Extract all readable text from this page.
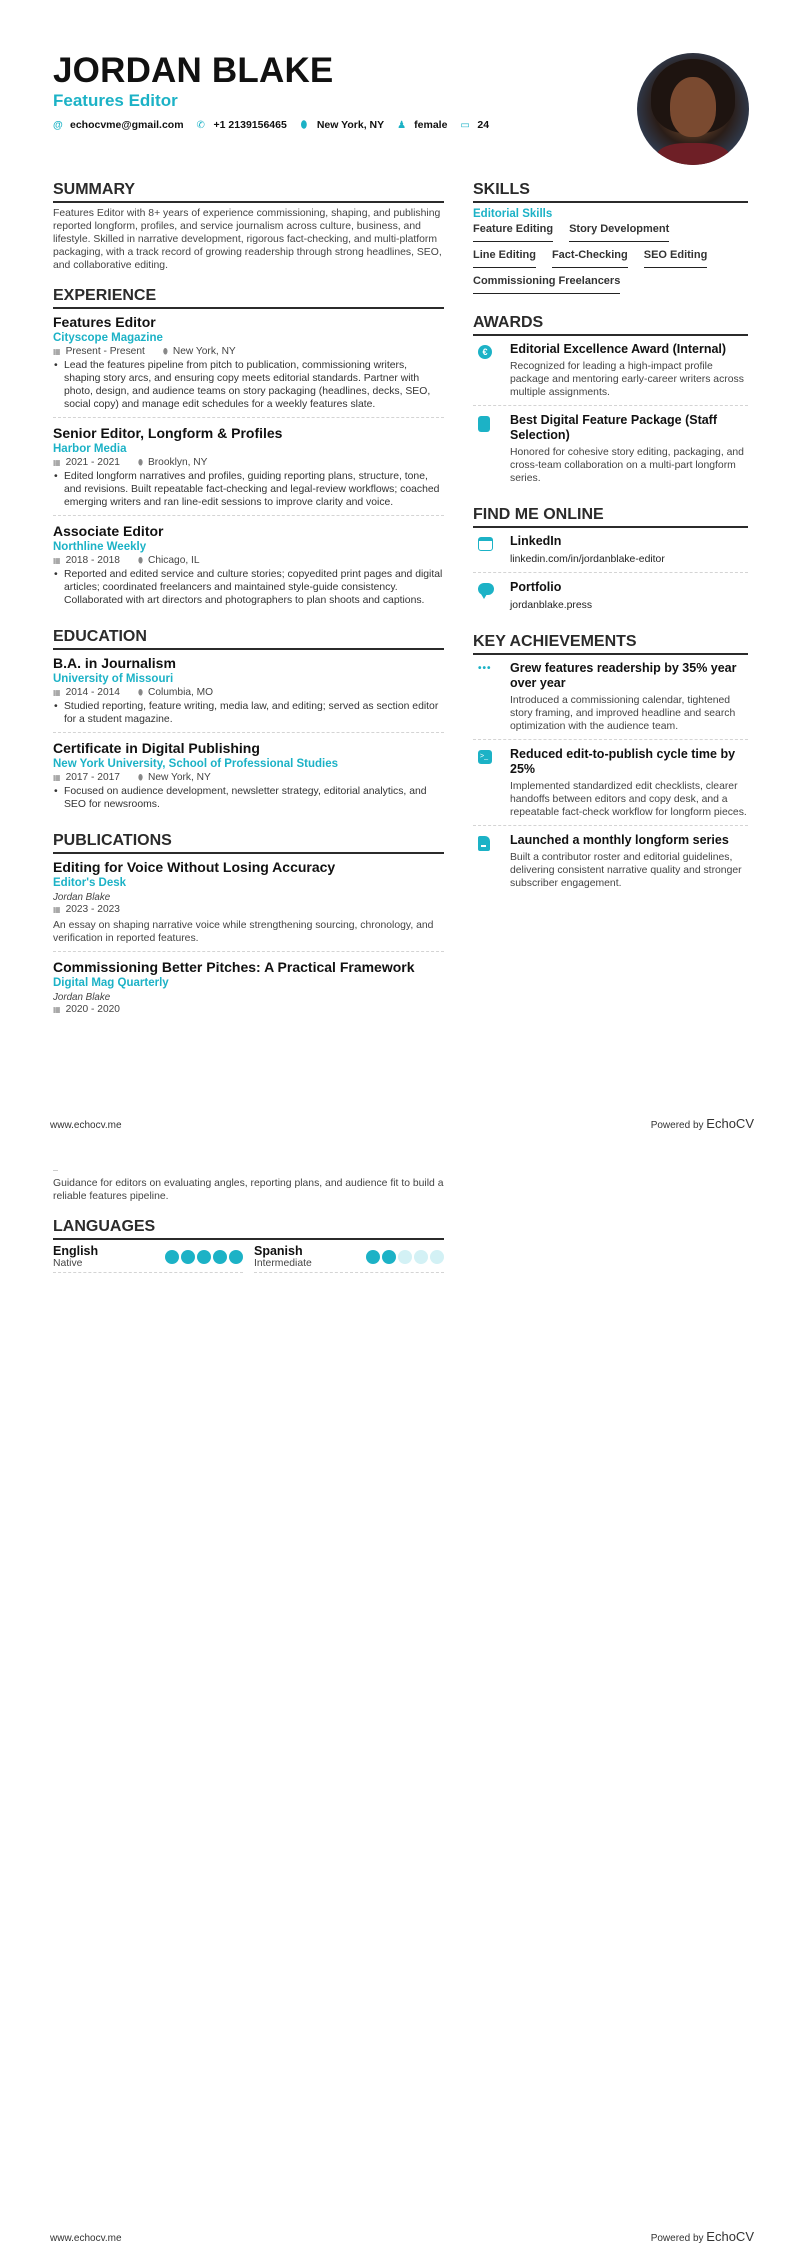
JORDAN BLAKE
Features Editor
@ echocvme@gmail.com ✆ +1 2139156465 ⬮ New York, NY ♟ female ▭ 24
SUMMARY
Features Editor with 8+ years of experience commissioning, shaping, and publishing reported longform, profiles, and service journalism across culture, business, and lifestyle. Skilled in narrative development, rigorous fact-checking, and multi-platform packaging, with a track record of growing readership through strong headlines, SEO, and collaborative editing.
EXPERIENCE
Features Editor
Cityscope Magazine
▦ Present - Present ⬮ New York, NY
• Lead the features pipeline from pitch to publication, commissioning writers, shaping story arcs, and ensuring copy meets editorial standards. Partner with photo, design, and audience teams on story packaging (headlines, decks, SEO, social copy) and manage edit schedules for a weekly features slate.
Senior Editor, Longform & Profiles
Harbor Media
▦ 2021 - 2021 ⬮ Brooklyn, NY
• Edited longform narratives and profiles, guiding reporting plans, structure, tone, and revisions. Built repeatable fact-checking and legal-review workflows; coached emerging writers and ran line-edit sessions to improve clarity and voice.
Associate Editor
Northline Weekly
▦ 2018 - 2018 ⬮ Chicago, IL
• Reported and edited service and culture stories; copyedited print pages and digital articles; coordinated freelancers and maintained style-guide consistency. Collaborated with art directors and photographers to plan shoots and captions.
EDUCATION
B.A. in Journalism
University of Missouri
▦ 2014 - 2014 ⬮ Columbia, MO
• Studied reporting, feature writing, media law, and editing; served as section editor for a student magazine.
Certificate in Digital Publishing
New York University, School of Professional Studies
▦ 2017 - 2017 ⬮ New York, NY
• Focused on audience development, newsletter strategy, editorial analytics, and SEO for newsrooms.
PUBLICATIONS
Editing for Voice Without Losing Accuracy
Editor's Desk
Jordan Blake
▦ 2023 - 2023
An essay on shaping narrative voice while strengthening sourcing, chronology, and verification in reported features.
Commissioning Better Pitches: A Practical Framework
Digital Mag Quarterly
Jordan Blake
▦ 2020 - 2020
SKILLS
Editorial Skills
Feature Editing Story Development
Line Editing Fact-Checking SEO Editing
Commissioning Freelancers
AWARDS
€	Editorial Excellence Award (Internal)
Recognized for leading a high-impact profile package and mentoring early-career writers across multiple assignments.
Best Digital Feature Package (Staff Selection)
Honored for cohesive story editing, packaging, and cross-team collaboration on a multi-part longform series.
FIND ME ONLINE
LinkedIn
linkedin.com/in/jordanblake-editor
Portfolio
jordanblake.press
KEY ACHIEVEMENTS
•••	Grew features readership by 35% year over year
Introduced a commissioning calendar, tightened story framing, and improved headline and search optimization with the audience team.
>_	Reduced edit-to-publish cycle time by 25%
Implemented standardized edit checklists, clearer handoffs between editors and copy desk, and a repeatable fact-check workflow for longform pieces.
Launched a monthly longform series
Built a contributor roster and editorial guidelines, delivering consistent narrative quality and stronger subscriber engagement.
www.echocv.me	Powered by EchoCV
Guidance for editors on evaluating angles, reporting plans, and audience fit to build a reliable features pipeline.
LANGUAGES
English
Native
Spanish
Intermediate
www.echocv.me	Powered by EchoCV
